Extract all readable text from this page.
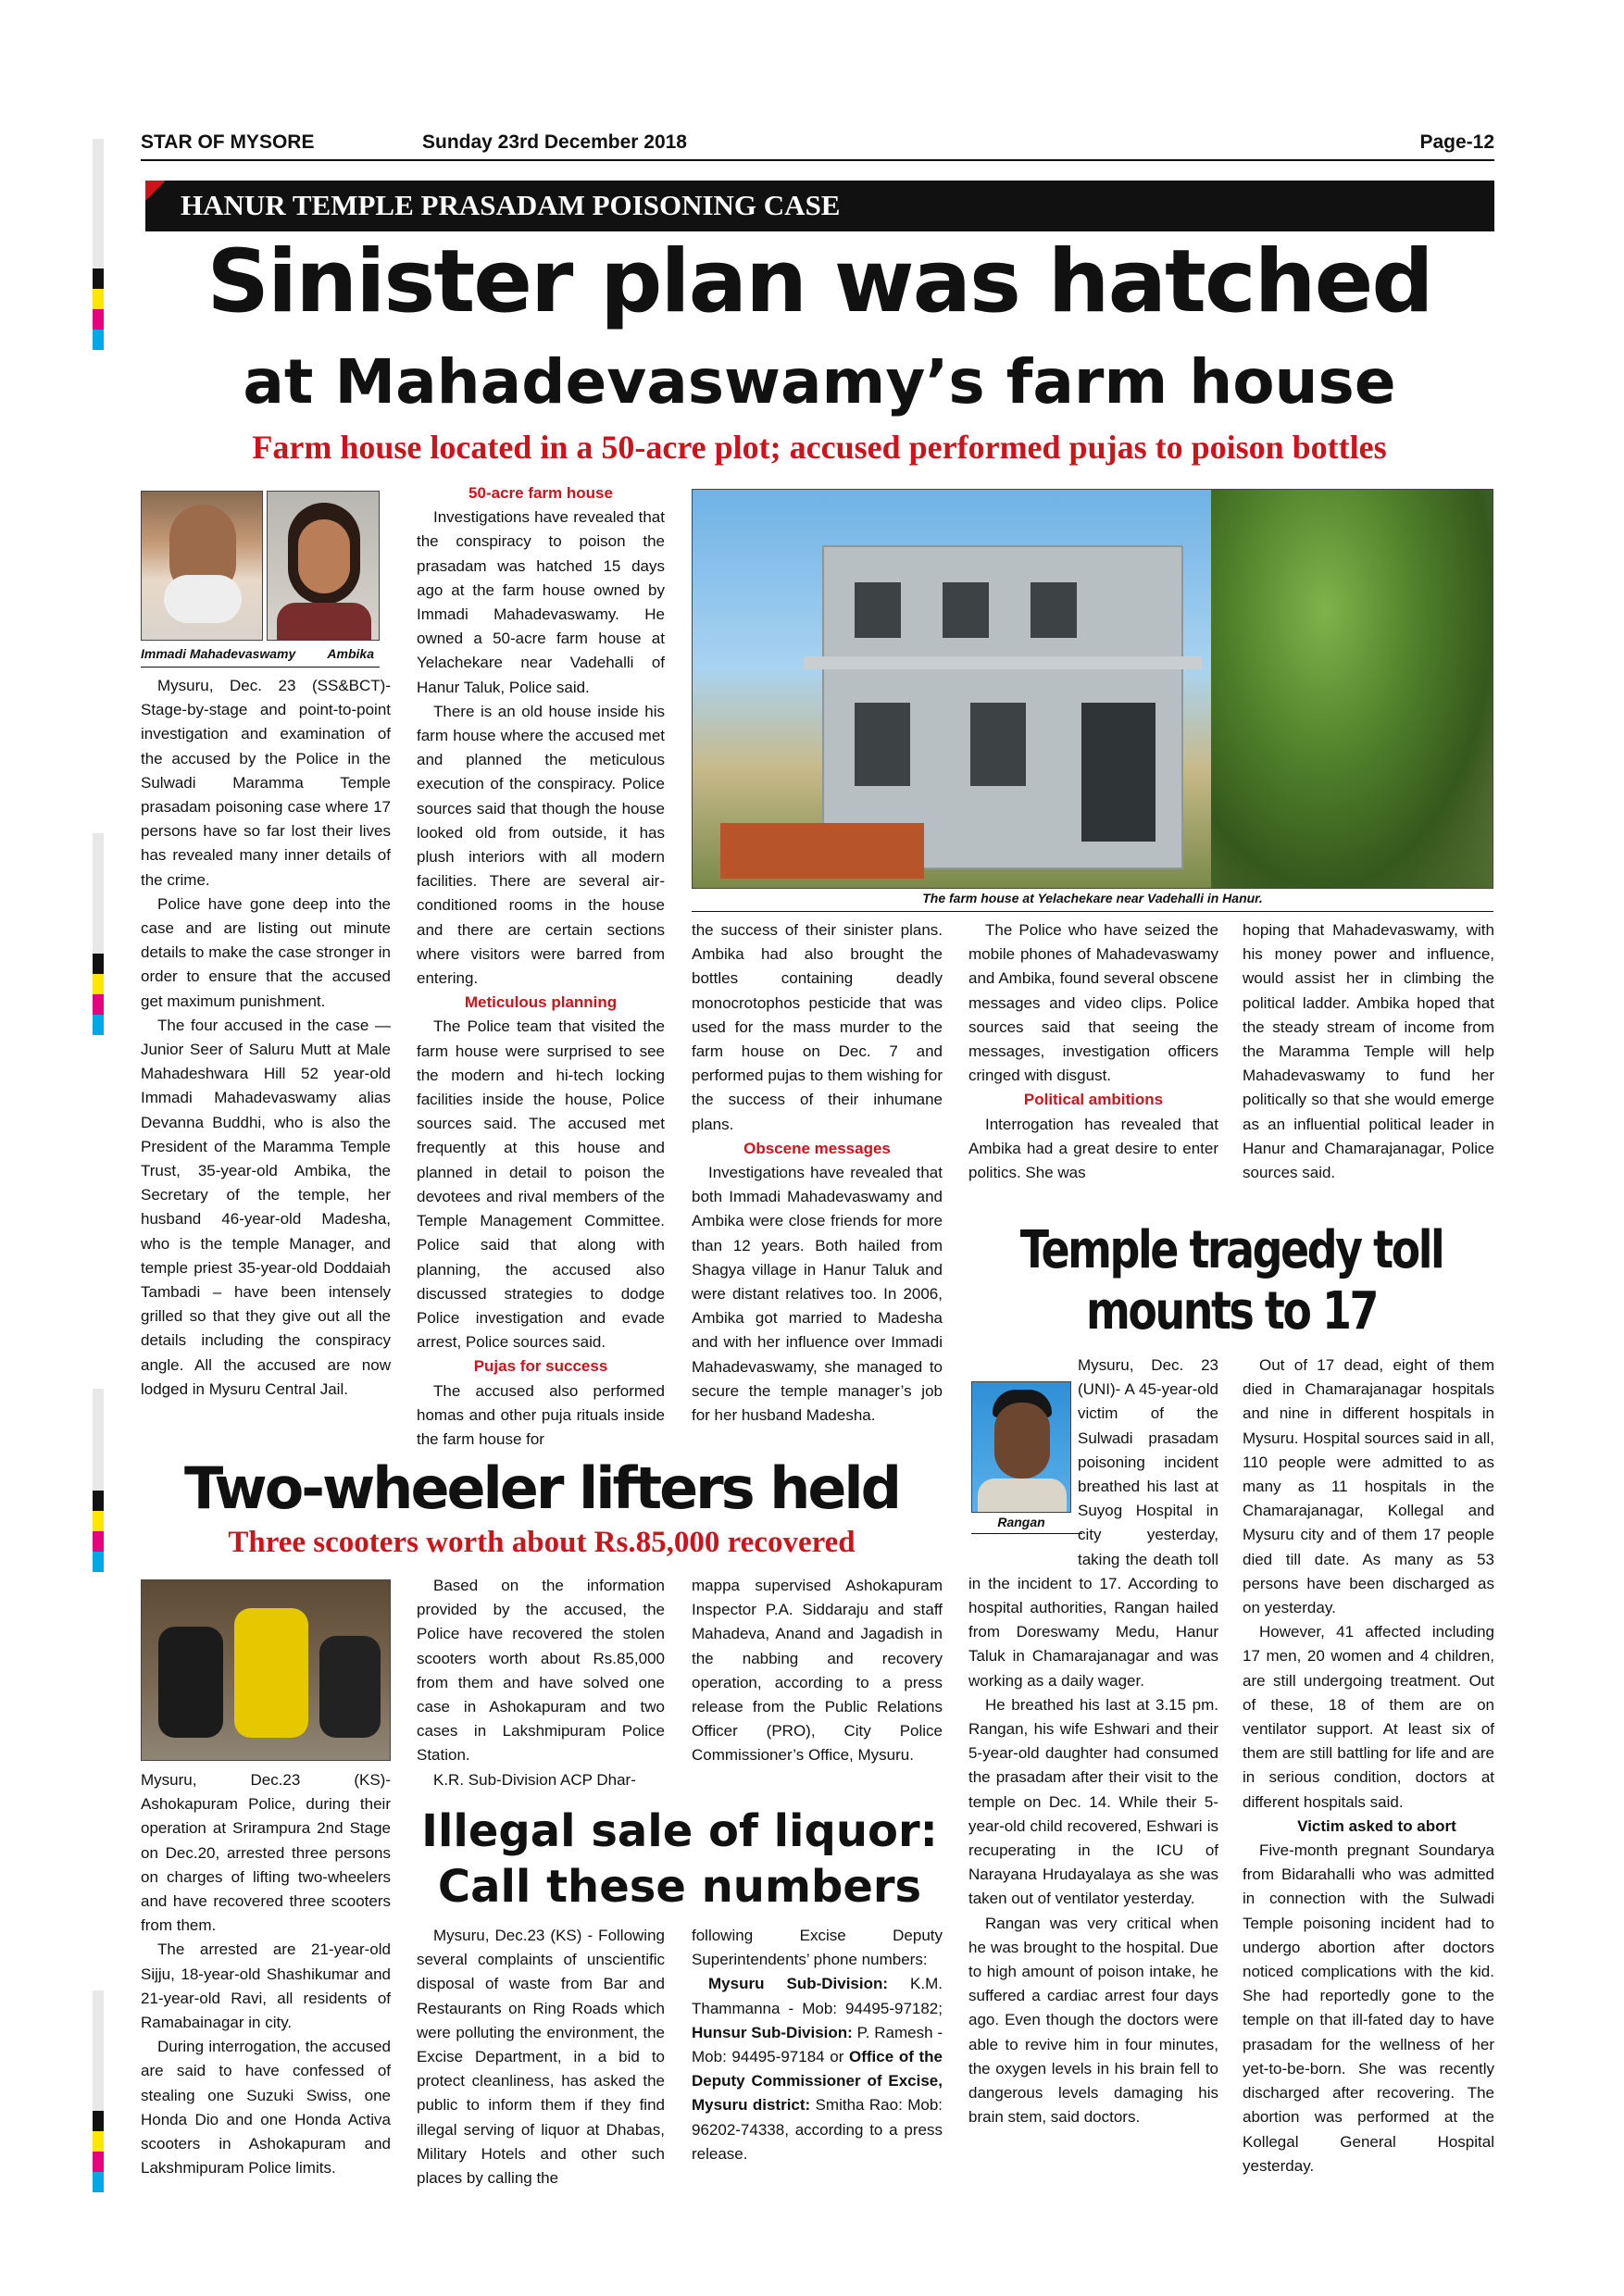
STAR OF MYSORE	Sunday 23rd December 2018	Page-12
HANUR TEMPLE PRASADAM POISONING CASE
Sinister plan was hatched
at Mahadevaswamy’s farm house
Farm house located in a 50-acre plot; accused performed pujas to poison bottles
Immadi Mahadevaswamy Ambika

Mysuru, Dec. 23 (SS&BCT)- Stage-by-stage and point-to-point investigation and examination of the accused by the Police in the Sulwadi Maramma Temple prasadam poisoning case where 17 persons have so far lost their lives has revealed many inner details of the crime.

Police have gone deep into the case and are listing out minute details to make the case stronger in order to ensure that the accused get maximum punishment.

The four accused in the case — Junior Seer of Saluru Mutt at Male Mahadeshwara Hill 52 year-old Immadi Mahadevaswamy alias Devanna Buddhi, who is also the President of the Maramma Temple Trust, 35-year-old Ambika, the Secretary of the temple, her husband 46-year-old Madesha, who is the temple Manager, and temple priest 35-year-old Doddaiah Tambadi – have been intensely grilled so that they give out all the details including the conspiracy angle. All the accused are now lodged in Mysuru Central Jail.

50-acre farm house

Investigations have revealed that the conspiracy to poison the prasadam was hatched 15 days ago at the farm house owned by Immadi Mahadevaswamy. He owned a 50-acre farm house at Yelachekare near Vadehalli of Hanur Taluk, Police said.

There is an old house inside his farm house where the accused met and planned the meticulous execution of the conspiracy. Police sources said that though the house looked old from outside, it has plush interiors with all modern facilities. There are several air-conditioned rooms in the house and there are certain sections where visitors were barred from entering.

Meticulous planning

The Police team that visited the farm house were surprised to see the modern and hi-tech locking facilities inside the house, Police sources said. The accused met frequently at this house and planned in detail to poison the devotees and rival members of the Temple Management Committee. Police said that along with planning, the accused also discussed strategies to dodge Police investigation and evade arrest, Police sources said.

Pujas for success

The accused also performed homas and other puja rituals inside the farm house for

The farm house at Yelachekare near Vadehalli in Hanur.

the success of their sinister plans. Ambika had also brought the bottles containing deadly monocrotophos pesticide that was used for the mass murder to the farm house on Dec. 7 and performed pujas to them wishing for the success of their inhumane plans.

Obscene messages

Investigations have revealed that both Immadi Mahadevaswamy and Ambika were close friends for more than 12 years. Both hailed from Shagya village in Hanur Taluk and were distant relatives too. In 2006, Ambika got married to Madesha and with her influence over Immadi Mahadevaswamy, she managed to secure the temple manager’s job for her husband Madesha.

The Police who have seized the mobile phones of Mahadevaswamy and Ambika, found several obscene messages and video clips. Police sources said that seeing the messages, investigation officers cringed with disgust.

Political ambitions

Interrogation has revealed that Ambika had a great desire to enter politics. She was

hoping that Mahadevaswamy, with his money power and influence, would assist her in climbing the political ladder. Ambika hoped that the steady stream of income from the Maramma Temple will help Mahadevaswamy to fund her politically so that she would emerge as an influential political leader in Hanur and Chamarajanagar, Police sources said.

Temple tragedy toll mounts to 17
Rangan

Mysuru, Dec. 23 (UNI)- A 45-year-old victim of the Sulwadi prasadam poisoning incident breathed his last at Suyog Hospital in city yesterday, taking the death toll in the incident to 17. According to hospital authorities, Rangan hailed from Doreswamy Medu, Hanur Taluk in Chamarajanagar and was working as a daily wager.

He breathed his last at 3.15 pm. Rangan, his wife Eshwari and their 5-year-old daughter had consumed the prasadam after their visit to the temple on Dec. 14. While their 5-year-old child recovered, Eshwari is recuperating in the ICU of Narayana Hrudayalaya as she was taken out of ventilator yesterday.

Rangan was very critical when he was brought to the hospital. Due to high amount of poison intake, he suffered a cardiac arrest four days ago. Even though the doctors were able to revive him in four minutes, the oxygen levels in his brain fell to dangerous levels damaging his brain stem, said doctors.

Out of 17 dead, eight of them died in Chamarajanagar hospitals and nine in different hospitals in Mysuru. Hospital sources said in all, 110 people were admitted to as many as 11 hospitals in the Chamarajanagar, Kollegal and Mysuru city and of them 17 people died till date. As many as 53 persons have been discharged as on yesterday.

However, 41 affected including 17 men, 20 women and 4 children, are still undergoing treatment. Out of these, 18 of them are on ventilator support. At least six of them are still battling for life and are in serious condition, doctors at different hospitals said.

Victim asked to abort

Five-month pregnant Soundarya from Bidarahalli who was admitted in connection with the Sulwadi Temple poisoning incident had to undergo abortion after doctors noticed complications with the kid. She had reportedly gone to the temple on that ill-fated day to have prasadam for the wellness of her yet-to-be-born. She was recently discharged after recovering. The abortion was performed at the Kollegal General Hospital yesterday.

Two-wheeler lifters held
Three scooters worth about Rs.85,000 recovered

Mysuru, Dec.23 (KS)- Ashokapuram Police, during their operation at Srirampura 2nd Stage on Dec.20, arrested three persons on charges of lifting two-wheelers and have recovered three scooters from them.

The arrested are 21-year-old Sijju, 18-year-old Shashikumar and 21-year-old Ravi, all residents of Ramabainagar in city.

During interrogation, the accused are said to have confessed of stealing one Suzuki Swiss, one Honda Dio and one Honda Activa scooters in Ashokapuram and Lakshmipuram Police limits.

Based on the information provided by the accused, the Police have recovered the stolen scooters worth about Rs.85,000 from them and have solved one case in Ashokapuram and two cases in Lakshmipuram Police Station.

K.R. Sub-Division ACP Dhar-

mappa supervised Ashokapuram Inspector P.A. Siddaraju and staff Mahadeva, Anand and Jagadish in the nabbing and recovery operation, according to a press release from the Public Relations Officer (PRO), City Police Commissioner’s Office, Mysuru.

Illegal sale of liquor:
Call these numbers

Mysuru, Dec.23 (KS) - Following several complaints of unscientific disposal of waste from Bar and Restaurants on Ring Roads which were polluting the environment, the Excise Department, in a bid to protect cleanliness, has asked the public to inform them if they find illegal serving of liquor at Dhabas, Military Hotels and other such places by calling the

following Excise Deputy Superintendents’ phone numbers:

Mysuru Sub-Division: K.M. Thammanna - Mob: 94495-97182; Hunsur Sub-Division: P. Ramesh - Mob: 94495-97184 or Office of the Deputy Commissioner of Excise, Mysuru district: Smitha Rao: Mob: 96202-74338, according to a press release.
